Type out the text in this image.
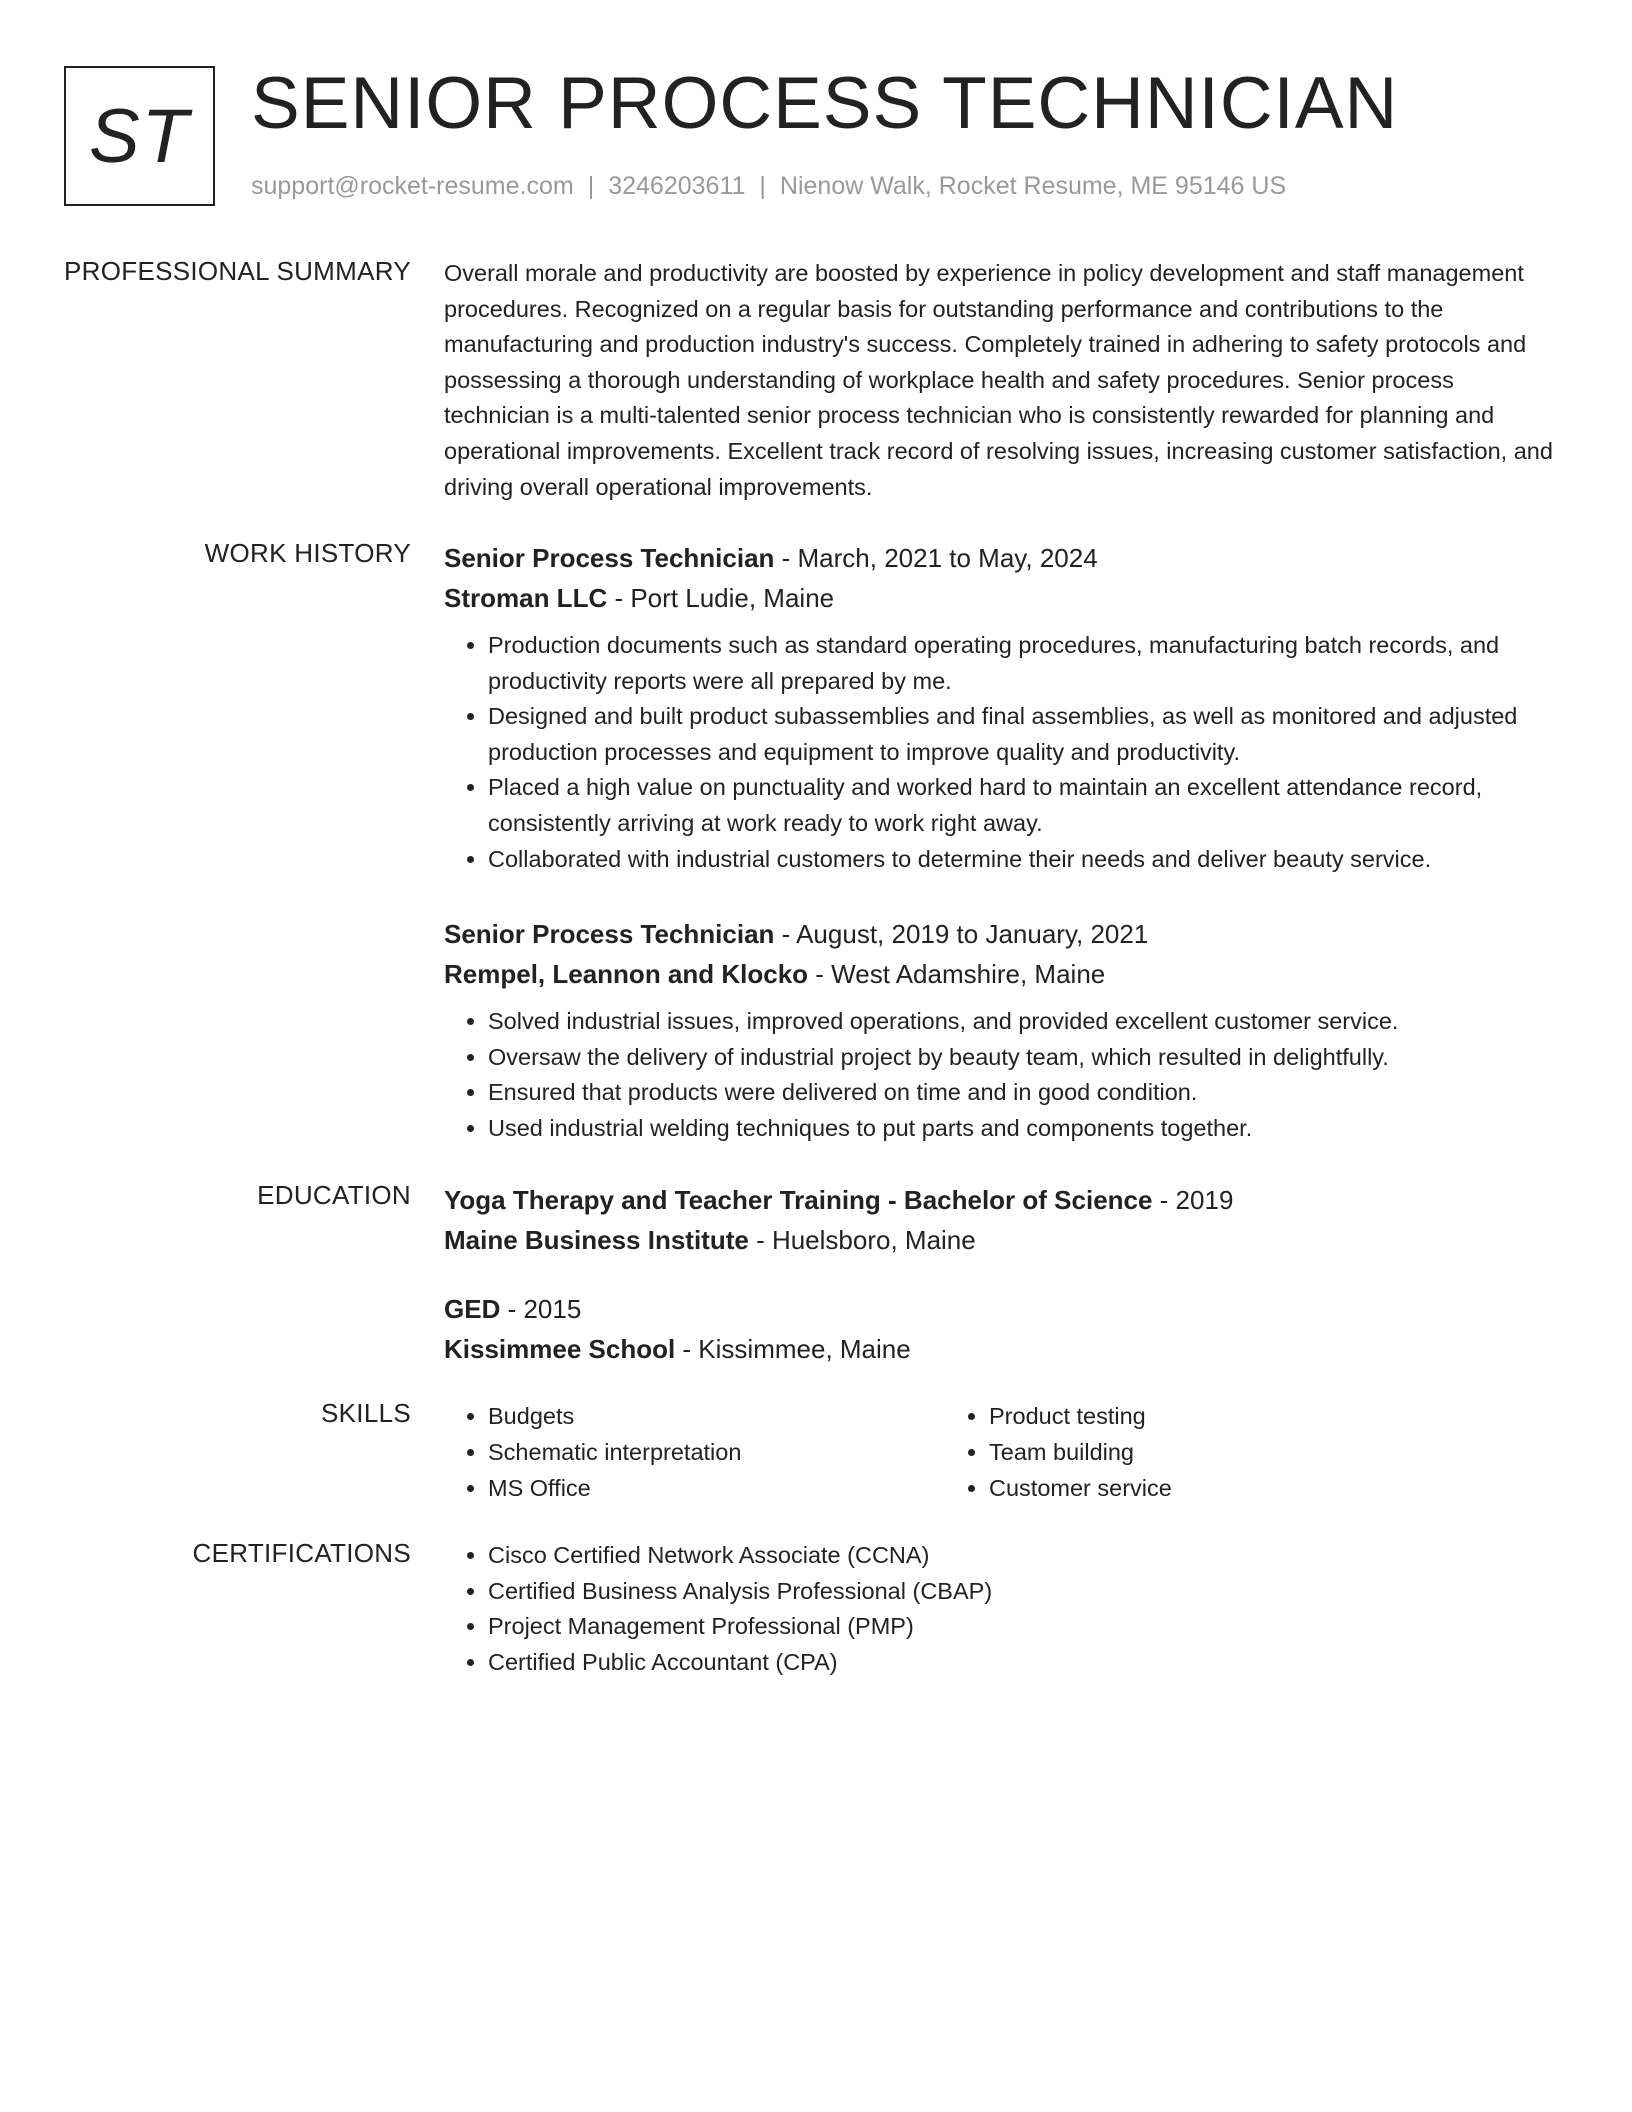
ST SENIOR PROCESS TECHNICIAN
support@rocket-resume.com | 3246203611 | Nienow Walk, Rocket Resume, ME 95146 US
PROFESSIONAL SUMMARY Overall morale and productivity are boosted by experience in policy development and staff management procedures. Recognized on a regular basis for outstanding performance and contributions to the manufacturing and production industry's success. Completely trained in adhering to safety protocols and possessing a thorough understanding of workplace health and safety procedures. Senior process technician is a multi-talented senior process technician who is consistently rewarded for planning and operational improvements. Excellent track record of resolving issues, increasing customer satisfaction, and driving overall operational improvements.

WORK HISTORY Senior Process Technician - March, 2021 to May, 2024

Stroman LLC - Port Ludie, Maine

• Production documents such as standard operating procedures, manufacturing batch records, and productivity reports were all prepared by me.
• Designed and built product subassemblies and final assemblies, as well as monitored and adjusted production processes and equipment to improve quality and productivity.
• Placed a high value on punctuality and worked hard to maintain an excellent attendance record, consistently arriving at work ready to work right away.
• Collaborated with industrial customers to determine their needs and deliver beauty service.

Senior Process Technician - August, 2019 to January, 2021

Rempel, Leannon and Klocko - West Adamshire, Maine

• Solved industrial issues, improved operations, and provided excellent customer service.
• Oversaw the delivery of industrial project by beauty team, which resulted in delightfully.
• Ensured that products were delivered on time and in good condition.
• Used industrial welding techniques to put parts and components together.
EDUCATION Yoga Therapy and Teacher Training - Bachelor of Science - 2019

Maine Business Institute - Huelsboro, Maine

GED - 2015

Kissimmee School - Kissimmee, Maine

SKILLS	• Budgets
• Schematic interpretation
• MS Office
• Product testing
• Team building
• Customer service
CERTIFICATIONS	• Cisco Certified Network Associate (CCNA)
• Certified Business Analysis Professional (CBAP)
• Project Management Professional (PMP)
• Certified Public Accountant (CPA)
